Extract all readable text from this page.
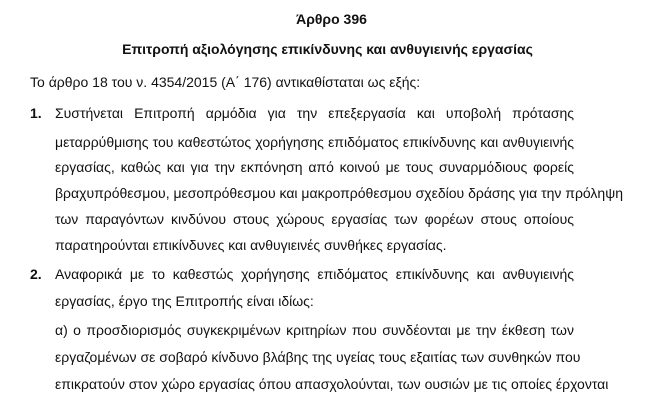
Άρθρο 396
Επιτροπή αξιολόγησης επικίνδυνης και ανθυγιεινής εργασίας
Το άρθρο 18 του ν. 4354/2015 (Α΄ 176) αντικαθίσταται ως εξής:
1. Συστήνεται Επιτροπή αρμόδια για την επεξεργασία και υποβολή πρότασης
μεταρρύθμισης του καθεστώτος χορήγησης επιδόματος επικίνδυνης και ανθυγιεινής
εργασίας, καθώς και για την εκπόνηση από κοινού με τους συναρμόδιους φορείς
βραχυπρόθεσμου, μεσοπρόθεσμου και μακροπρόθεσμου σχεδίου δράσης για την πρόληψη
των παραγόντων κινδύνου στους χώρους εργασίας των φορέων στους οποίους
παρατηρούνται επικίνδυνες και ανθυγιεινές συνθήκες εργασίας.
2. Αναφορικά με το καθεστώς χορήγησης επιδόματος επικίνδυνης και ανθυγιεινής
εργασίας, έργο της Επιτροπής είναι ιδίως:
α) ο προσδιορισμός συγκεκριμένων κριτηρίων που συνδέονται με την έκθεση των
εργαζομένων σε σοβαρό κίνδυνο βλάβης της υγείας τους εξαιτίας των συνθηκών που
επικρατούν στον χώρο εργασίας όπου απασχολούνται, των ουσιών με τις οποίες έρχονται
